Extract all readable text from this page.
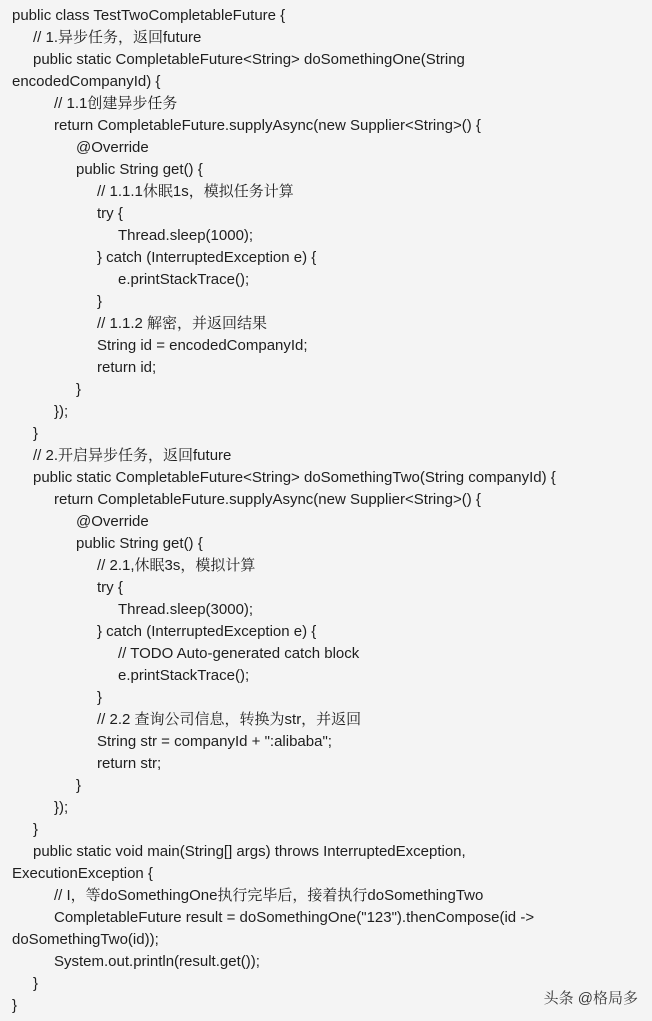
public class TestTwoCompletableFuture {
// 1.异步任务，返回future
public static CompletableFuture<String> doSomethingOne(String
encodedCompanyId) {
// 1.1创建异步任务
return CompletableFuture.supplyAsync(new Supplier<String>() {
@Override
public String get() {
// 1.1.1休眠1s，模拟任务计算
try {
Thread.sleep(1000);
} catch (InterruptedException e) {
e.printStackTrace();
}
// 1.1.2 解密，并返回结果
String id = encodedCompanyId;
return id;
}
});
}
// 2.开启异步任务，返回future
public static CompletableFuture<String> doSomethingTwo(String companyId) {
return CompletableFuture.supplyAsync(new Supplier<String>() {
@Override
public String get() {
// 2.1,休眠3s，模拟计算
try {
Thread.sleep(3000);
} catch (InterruptedException e) {
// TODO Auto-generated catch block
e.printStackTrace();
}
// 2.2 查询公司信息，转换为str，并返回
String str = companyId + ":alibaba";
return str;
}
});
}
public static void main(String[] args) throws InterruptedException,
ExecutionException {
// I，等doSomethingOne执行完毕后，接着执行doSomethingTwo
CompletableFuture result = doSomethingOne("123").thenCompose(id ->
doSomethingTwo(id));
System.out.println(result.get());
}
}	头条 @格局多
